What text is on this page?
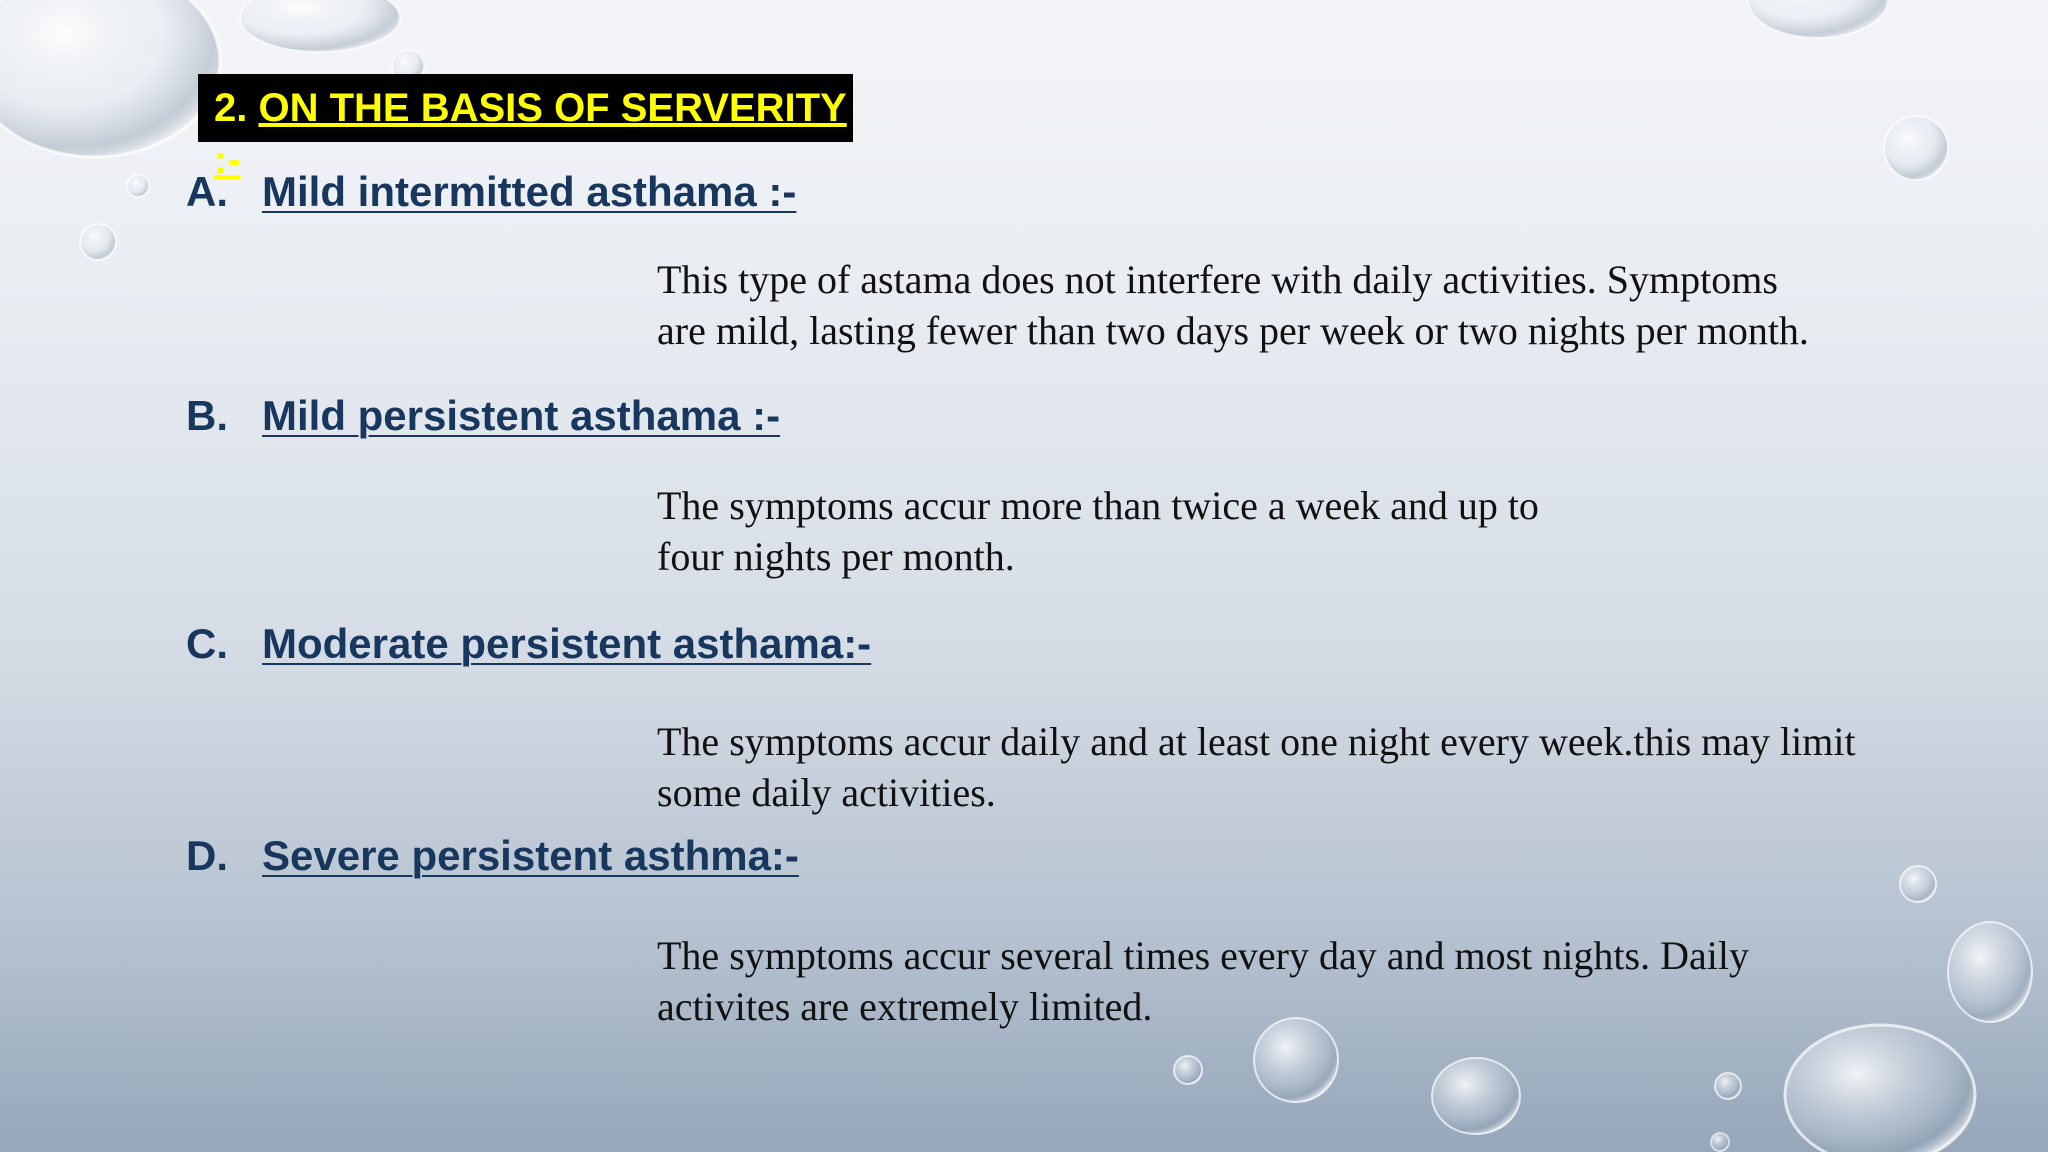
2. ON THE BASIS OF SERVERITY :-
A. Mild intermitted asthama :-
This type of astama does not interfere with daily activities. Symptoms
are mild, lasting fewer than two days per week or two nights per month.
B. Mild persistent asthama :-
The symptoms accur more than twice a week and up to
four nights per month.
C. Moderate persistent asthama:-
The symptoms accur daily and at least one night every week.this may limit
some daily activities.
D. Severe persistent asthma:-
The symptoms accur several times every day and most nights. Daily
activites are extremely limited.
